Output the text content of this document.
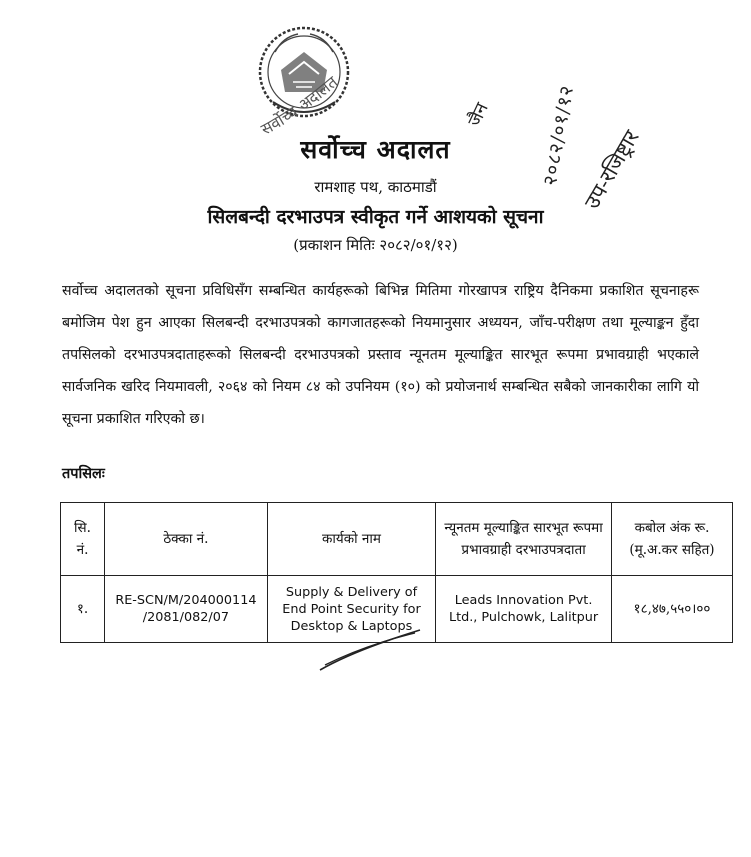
सर्वोच्च अदालत
सर्वोच्च अदालत
रामशाह पथ, काठमाडौं
सिलबन्दी दरभाउपत्र स्वीकृत गर्ने आशयको सूचना
(प्रकाशन मितिः २०८२/०१/१२)
जैन २०८२/०१/१२ उप-रजिष्ट्रार
सर्वोच्च अदालतको सूचना प्रविधिसँग सम्बन्धित कार्यहरूको बिभिन्न मितिमा गोरखापत्र राष्ट्रिय दैनिकमा प्रकाशित सूचनाहरू बमोजिम पेश हुन आएका सिलबन्दी दरभाउपत्रको कागजातहरूको नियमानुसार अध्ययन, जाँच-परीक्षण तथा मूल्याङ्कन हुँदा तपसिलको दरभाउपत्रदाताहरूको सिलबन्दी दरभाउपत्रको प्रस्ताव न्यूनतम मूल्याङ्कित सारभूत रूपमा प्रभावग्राही भएकाले सार्वजनिक खरिद नियमावली, २०६४ को नियम ८४ को उपनियम (१०) को प्रयोजनार्थ सम्बन्धित सबैको जानकारीका लागि यो सूचना प्रकाशित गरिएको छ।
तपसिलः
सि. नं.	ठेक्का नं.	कार्यको नाम	न्यूनतम मूल्याङ्कित सारभूत रूपमा प्रभावग्राही दरभाउपत्रदाता	कबोल अंक रू. (मू.अ.कर सहित)
१.	RE-SCN/M/204000114 /2081/082/07	Supply & Delivery of End Point Security for Desktop & Laptops	Leads Innovation Pvt. Ltd., Pulchowk, Lalitpur	१८,४७,५५०।००
